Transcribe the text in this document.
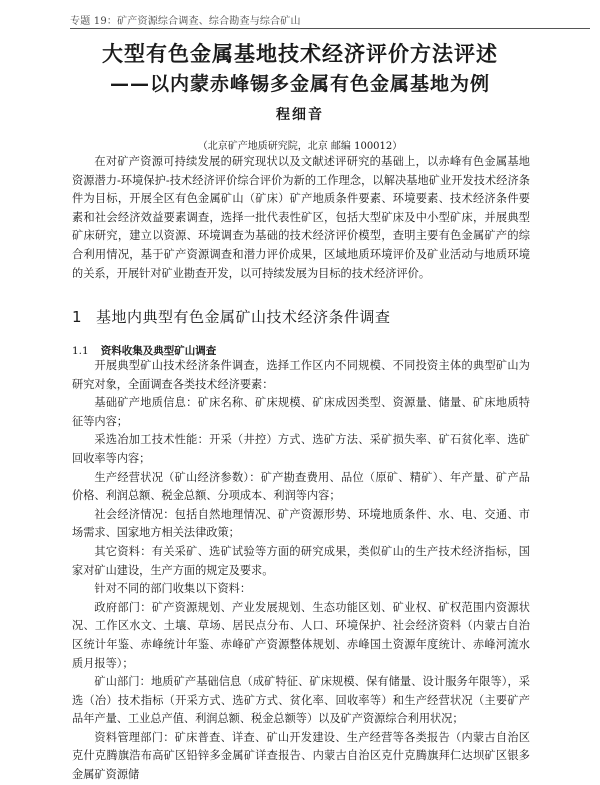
专题 19：矿产资源综合调查、综合勘查与综合矿山
大型有色金属基地技术经济评价方法评述
——以内蒙赤峰锡多金属有色金属基地为例
程细音
（北京矿产地质研究院，北京 邮编 100012）
在对矿产资源可持续发展的研究现状以及文献述评研究的基础上，以赤峰有色金属基地资源潜力-环境保护-技术经济评价综合评价为新的工作理念，以解决基地矿业开发技术经济条件为目标，开展全区有色金属矿山（矿床）矿产地质条件要素、环境要素、技术经济条件要素和社会经济效益要素调查，选择一批代表性矿区，包括大型矿床及中小型矿床，并展典型矿床研究，建立以资源、环境调查为基础的技术经济评价模型，查明主要有色金属矿产的综合利用情况，基于矿产资源调查和潜力评价成果，区域地质环境评价及矿业活动与地质环境的关系，开展针对矿业勘查开发，以可持续发展为目标的技术经济评价。
1 基地内典型有色金属矿山技术经济条件调查
1.1 资料收集及典型矿山调查

开展典型矿山技术经济条件调查，选择工作区内不同规模、不同投资主体的典型矿山为研究对象，全面调查各类技术经济要素：

基础矿产地质信息：矿床名称、矿床规模、矿床成因类型、资源量、储量、矿床地质特征等内容；

采选冶加工技术性能：开采（井控）方式、选矿方法、采矿损失率、矿石贫化率、选矿回收率等内容；

生产经营状况（矿山经济参数）：矿产勘查费用、品位（原矿、精矿）、年产量、矿产品价格、利润总额、税金总额、分项成本、利润等内容；

社会经济情况：包括自然地理情况、矿产资源形势、环境地质条件、水、电、交通、市场需求、国家地方相关法律政策；

其它资料：有关采矿、选矿试验等方面的研究成果，类似矿山的生产技术经济指标，国家对矿山建设，生产方面的规定及要求。

针对不同的部门收集以下资料：

政府部门：矿产资源规划、产业发展规划、生态功能区划、矿业权、矿权范围内资源状况、工作区水文、土壤、草场、居民点分布、人口、环境保护、社会经济资料（内蒙古自治区统计年鉴、赤峰统计年鉴、赤峰矿产资源整体规划、赤峰国土资源年度统计、赤峰河流水质月报等）；

矿山部门：地质矿产基础信息（成矿特征、矿床规模、保有储量、设计服务年限等），采选（冶）技术指标（开采方式、选矿方式、贫化率、回收率等）和生产经营状况（主要矿产品年产量、工业总产值、利润总额、税金总额等）以及矿产资源综合利用状况；

资料管理部门：矿床普查、详查、矿山开发建设、生产经营等各类报告（内蒙古自治区克什克腾旗浩布高矿区铅锌多金属矿详查报告、内蒙古自治区克什克腾旗拜仁达坝矿区银多金属矿资源储
